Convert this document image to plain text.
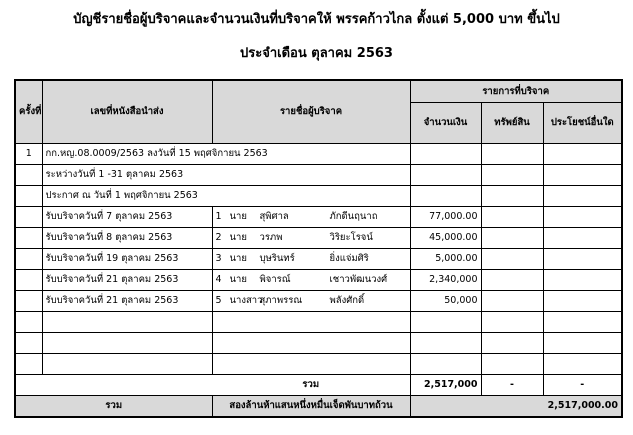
บัญชีรายชื่อผู้บริจาคและจำนวนเงินที่บริจาคให้ พรรคก้าวไกล ตั้งแต่ 5,000 บาท ขึ้นไป
ประจำเดือน ตุลาคม 2563
ครั้งที่	เลขที่หนังสือนำส่ง	รายชื่อผู้บริจาค	รายการที่บริจาค		
			จำนวนเงิน	ทรัพย์สิน	ประโยชน์อื่นใด
1	กก.หญ.08.0009/2563 ลงวันที่ 15 พฤศจิกายน 2563				
	ระหว่างวันที่ 1 -31 ตุลาคม 2563				
	ประกาศ ณ วันที่ 1 พฤศจิกายน 2563				
	รับบริจาควันที่ 7 ตุลาคม 2563	1 นาย สุพิศาล ภักดีนฤนาถ	77,000.00		
	รับบริจาควันที่ 8 ตุลาคม 2563	2 นาย วรภพ วิริยะโรจน์	45,000.00		
	รับบริจาควันที่ 19 ตุลาคม 2563	3 นาย บุษรินทร์ ยิ่งแจ่มศิริ	5,000.00		
	รับบริจาควันที่ 21 ตุลาคม 2563	4 นาย พิจารณ์ เชาวพัฒนวงศ์	2,340,000		
	รับบริจาควันที่ 21 ตุลาคม 2563	5 นางสาวสุภาพรรณ พลังศักดิ์	50,000		

		รวม	2,517,000	-	-
รวม		สองล้านห้าแสนหนึ่งหมื่นเจ็ดพันบาทถ้วน	2,517,000.00		
